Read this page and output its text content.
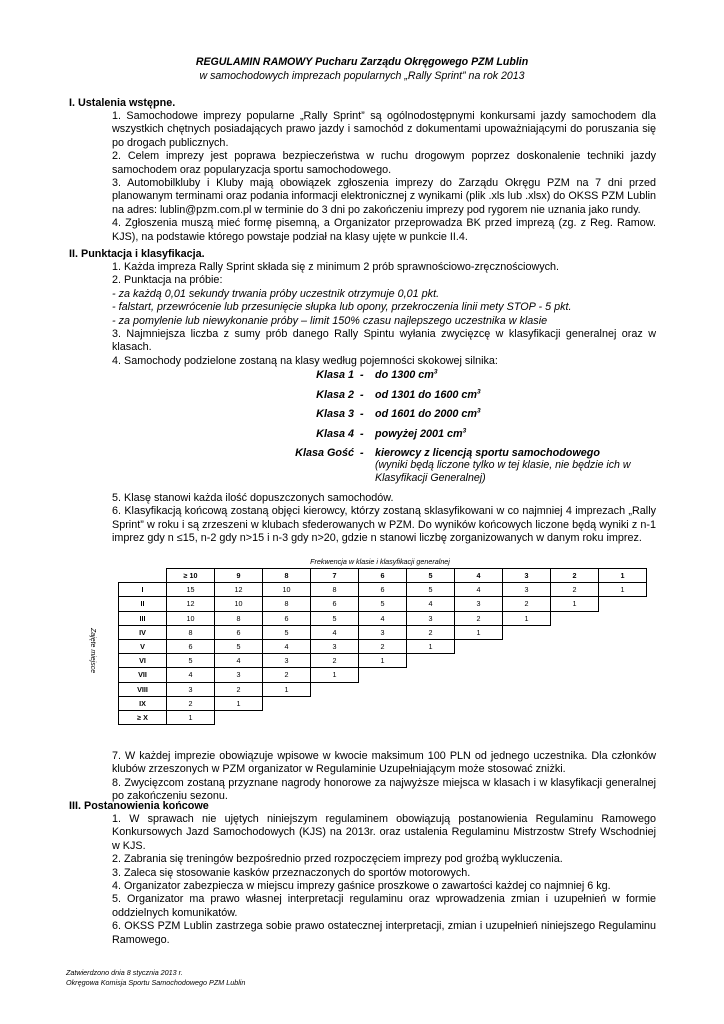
REGULAMIN RAMOWY Pucharu Zarządu Okręgowego PZM Lublin
w samochodowych imprezach popularnych „Rally Sprint” na rok 2013
I. Ustalenia wstępne.

1. Samochodowe imprezy popularne „Rally Sprint” są ogólnodostępnymi konkursami jazdy samochodem dla wszystkich chętnych posiadających prawo jazdy i samochód z dokumentami upoważniającymi do poruszania się po drogach publicznych.

2. Celem imprezy jest poprawa bezpieczeństwa w ruchu drogowym poprzez doskonalenie techniki jazdy samochodem oraz popularyzacja sportu samochodowego.

3. Automobilkluby i Kluby mają obowiązek zgłoszenia imprezy do Zarządu Okręgu PZM na 7 dni przed planowanym terminami oraz podania informacji elektronicznej z wynikami (plik .xls lub .xlsx) do OKSS PZM Lublin na adres: lublin@pzm.com.pl w terminie do 3 dni po zakończeniu imprezy pod rygorem nie uznania jako rundy.

4. Zgłoszenia muszą mieć formę pisemną, a Organizator przeprowadza BK przed imprezą (zg. z Reg. Ramow. KJS), na podstawie którego powstaje podział na klasy ujęte w punkcie II.4.

II. Punktacja i klasyfikacja.

1. Każda impreza Rally Sprint składa się z minimum 2 prób sprawnościowo-zręcznościowych.

2. Punktacja na próbie:

- za każdą 0,01 sekundy trwania próby uczestnik otrzymuje 0,01 pkt.

- falstart, przewrócenie lub przesunięcie słupka lub opony, przekroczenia linii mety STOP - 5 pkt.

- za pomylenie lub niewykonanie próby – limit 150% czasu najlepszego uczestnika w klasie

3. Najmniejsza liczba z sumy prób danego Rally Spintu wyłania zwycięzcę w klasyfikacji generalnej oraz w klasach.

4. Samochody podzielone zostaną na klasy według pojemności skokowej silnika:

Klasa 1 - do 1300 $cm^3$
Klasa 2 - od 1301 do 1600 $cm^3$
Klasa 3 - od 1601 do 2000 $cm^3$
Klasa 4 - powyżej 2001 $cm^3$
Klasa Gość - kierowcy z licencją sportu samochodowego
(wyniki będą liczone tylko w tej klasie, nie będzie ich w Klasyfikacji Generalnej)

5. Klasę stanowi każda ilość dopuszczonych samochodów.

6. Klasyfikacją końcową zostaną objęci kierowcy, którzy zostaną sklasyfikowani w co najmniej 4 imprezach „Rally Sprint” w roku i są zrzeszeni w klubach sfederowanych w PZM. Do wyników końcowych liczone będą wyniki z n-1 imprez gdy n ≤15, n-2 gdy n>15 i n-3 gdy n>20, gdzie n stanowi liczbę zorganizowanych w danym roku imprez.

Frekwencja w klasie i klasyfikacji generalnej
Zajęte miejsce
	≥ 10	9	8	7	6	5	4	3	2	1
I	15	12	10	8	6	5	4	3	2	1
II	12	10	8	6	5	4	3	2	1	
III	10	8	6	5	4	3	2	1		
IV	8	6	5	4	3	2	1			
V	6	5	4	3	2	1				
VI	5	4	3	2	1					
VII	4	3	2	1						
VIII	3	2	1							
IX	2	1								
≥ X	1									

7. W każdej imprezie obowiązuje wpisowe w kwocie maksimum 100 PLN od jednego uczestnika. Dla członków klubów zrzeszonych w PZM organizator w Regulaminie Uzupełniającym może stosować zniżki.

8. Zwycięzcom zostaną przyznane nagrody honorowe za najwyższe miejsca w klasach i w klasyfikacji generalnej po zakończeniu sezonu.

III. Postanowienia końcowe

1. W sprawach nie ujętych niniejszym regulaminem obowiązują postanowienia Regulaminu Ramowego Konkursowych Jazd Samochodowych (KJS) na 2013r. oraz ustalenia Regulaminu Mistrzostw Strefy Wschodniej w KJS.

2. Zabrania się treningów bezpośrednio przed rozpoczęciem imprezy pod groźbą wykluczenia.

3. Zaleca się stosowanie kasków przeznaczonych do sportów motorowych.

4. Organizator zabezpiecza w miejscu imprezy gaśnice proszkowe o zawartości każdej co najmniej 6 kg.

5. Organizator ma prawo własnej interpretacji regulaminu oraz wprowadzenia zmian i uzupełnień w formie oddzielnych komunikatów.

6. OKSS PZM Lublin zastrzega sobie prawo ostatecznej interpretacji, zmian i uzupełnień niniejszego Regulaminu Ramowego.

Zatwierdzono dnia 8 stycznia 2013 r.
Okręgowa Komisja Sportu Samochodowego PZM Lublin
